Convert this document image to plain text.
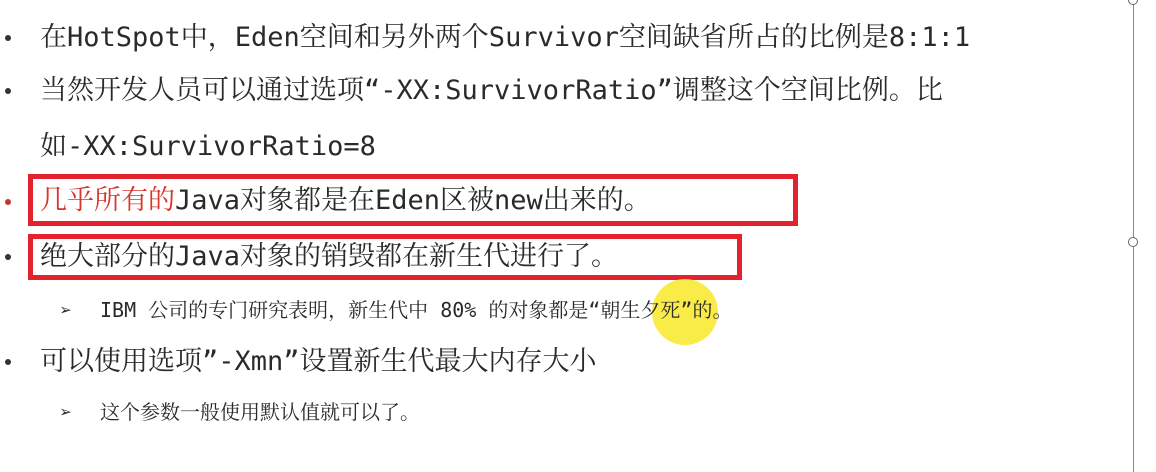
在HotSpot中，Eden空间和另外两个Survivor空间缺省所占的比例是8:1:1
当然开发人员可以通过选项“-XX:SurvivorRatio”调整这个空间比例。比
如-XX:SurvivorRatio=8
几乎所有的Java对象都是在Eden区被new出来的。
绝大部分的Java对象的销毁都在新生代进行了。
➢ IBM 公司的专门研究表明，新生代中 80% 的对象都是“朝生夕死”的。
可以使用选项”-Xmn”设置新生代最大内存大小
➢ 这个参数一般使用默认值就可以了。
